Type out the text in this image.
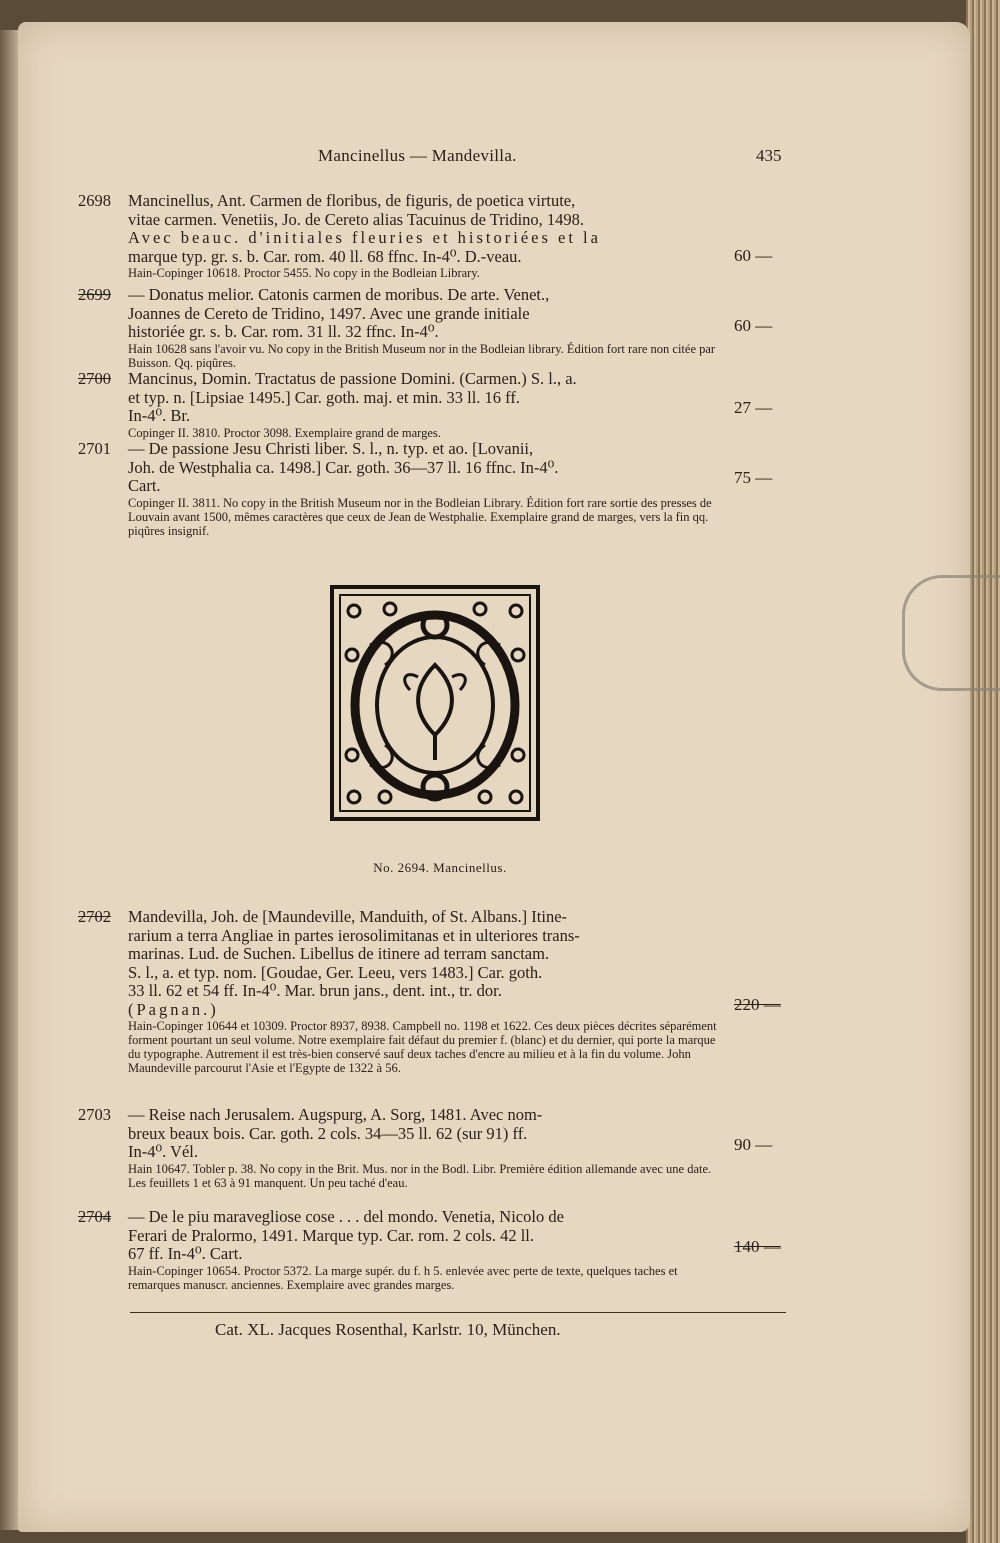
Mancinellus — Mandevilla.	435
2698	Mancinellus, Ant. Carmen de floribus, de figuris, de poetica virtute,
vitae carmen. Venetiis, Jo. de Cereto alias Tacuinus de Tridino, 1498.
Avec beauc. d'initiales fleuries et historiées et la
marque typ. gr. s. b. Car. rom. 40 ll. 68 ffnc. In-4⁰. D.-veau.
Hain-Copinger 10618. Proctor 5455. No copy in the Bodleian Library.
60 —
2699	— Donatus melior. Catonis carmen de moribus. De arte. Venet.,
Joannes de Cereto de Tridino, 1497. Avec une grande initiale
historiée gr. s. b. Car. rom. 31 ll. 32 ffnc. In-4⁰.
Hain 10628 sans l'avoir vu. No copy in the British Museum nor in the Bodleian library. Édition fort rare non citée par Buisson. Qq. piqûres.
60 —
2700	Mancinus, Domin. Tractatus de passione Domini. (Carmen.) S. l., a.
et typ. n. [Lipsiae 1495.] Car. goth. maj. et min. 33 ll. 16 ff.
In-4⁰. Br.
Copinger II. 3810. Proctor 3098. Exemplaire grand de marges.
27 —
2701	— De passione Jesu Christi liber. S. l., n. typ. et ao. [Lovanii,
Joh. de Westphalia ca. 1498.] Car. goth. 36—37 ll. 16 ffnc. In-4⁰.
Cart.
Copinger II. 3811. No copy in the British Museum nor in the Bodleian Library. Édition fort rare sortie des presses de Louvain avant 1500, mêmes caractères que ceux de Jean de Westphalie. Exemplaire grand de marges, vers la fin qq. piqûres insignif.
75 —
No. 2694. Mancinellus.
2702	Mandevilla, Joh. de [Maundeville, Manduith, of St. Albans.] Itine-
rarium a terra Angliae in partes ierosolimitanas et in ulteriores trans-
marinas. Lud. de Suchen. Libellus de itinere ad terram sanctam.
S. l., a. et typ. nom. [Goudae, Ger. Leeu, vers 1483.] Car. goth.
33 ll. 62 et 54 ff. In-4⁰. Mar. brun jans., dent. int., tr. dor.
(Pagnan.)
Hain-Copinger 10644 et 10309. Proctor 8937, 8938. Campbell no. 1198 et 1622. Ces deux pièces décrites séparément forment pourtant un seul volume. Notre exemplaire fait défaut du premier f. (blanc) et du dernier, qui porte la marque du typographe. Autrement il est très-bien conservé sauf deux taches d'encre au milieu et à la fin du volume. John Maundeville parcourut l'Asie et l'Egypte de 1322 à 56.
220 —
2703	— Reise nach Jerusalem. Augspurg, A. Sorg, 1481. Avec nom-
breux beaux bois. Car. goth. 2 cols. 34—35 ll. 62 (sur 91) ff.
In-4⁰. Vél.
Hain 10647. Tobler p. 38. No copy in the Brit. Mus. nor in the Bodl. Libr. Première édition allemande avec une date. Les feuillets 1 et 63 à 91 manquent. Un peu taché d'eau.
90 —
2704	— De le piu maravegliose cose . . . del mondo. Venetia, Nicolo de
Ferari de Pralormo, 1491. Marque typ. Car. rom. 2 cols. 42 ll.
67 ff. In-4⁰. Cart.
Hain-Copinger 10654. Proctor 5372. La marge supér. du f. h 5. enlevée avec perte de texte, quelques taches et remarques manuscr. anciennes. Exemplaire avec grandes marges.
140 —
Cat. XL. Jacques Rosenthal, Karlstr. 10, München.
